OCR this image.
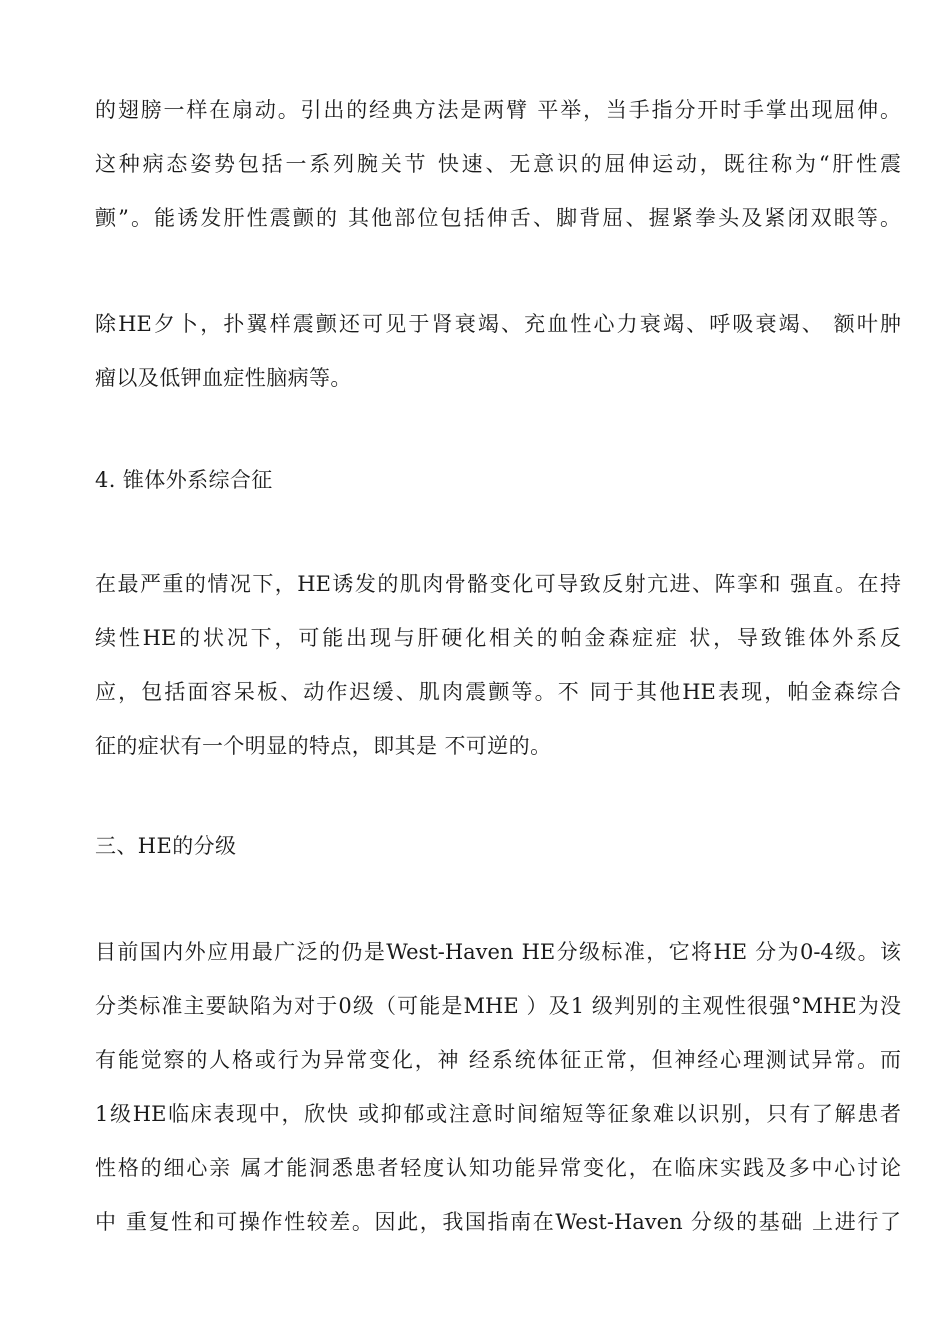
的翅膀一样在扇动。引出的经典方法是两臂 平举，当手指分开时手掌出现屈伸。
这种病态姿势包括一系列腕关节 快速、无意识的屈伸运动，既往称为“肝性震
颤”。能诱发肝性震颤的 其他部位包括伸舌、脚背屈、握紧拳头及紧闭双眼等。
除HE夕卜，扑翼样震颤还可见于肾衰竭、充血性心力衰竭、呼吸衰竭、 额叶肿
瘤以及低钾血症性脑病等。
4. 锥体外系综合征
在最严重的情况下，HE诱发的肌肉骨骼变化可导致反射亢进、阵挛和 强直。在持
续性HE的状况下，可能出现与肝硬化相关的帕金森症症 状，导致锥体外系反
应，包括面容呆板、动作迟缓、肌肉震颤等。不 同于其他HE表现，帕金森综合
征的症状有一个明显的特点，即其是 不可逆的。
三、HE的分级
目前国内外应用最广泛的仍是West-Haven HE分级标准，它将HE 分为0-4级。该
分类标准主要缺陷为对于0级（可能是MHE ）及1 级判别的主观性很强°MHE为没
有能觉察的人格或行为异常变化，神 经系统体征正常，但神经心理测试异常。而
1级HE临床表现中，欣快 或抑郁或注意时间缩短等征象难以识别，只有了解患者
性格的细心亲 属才能洞悉患者轻度认知功能异常变化，在临床实践及多中心讨论
中 重复性和可操作性较差。因此，我国指南在West-Haven 分级的基础 上进行了
